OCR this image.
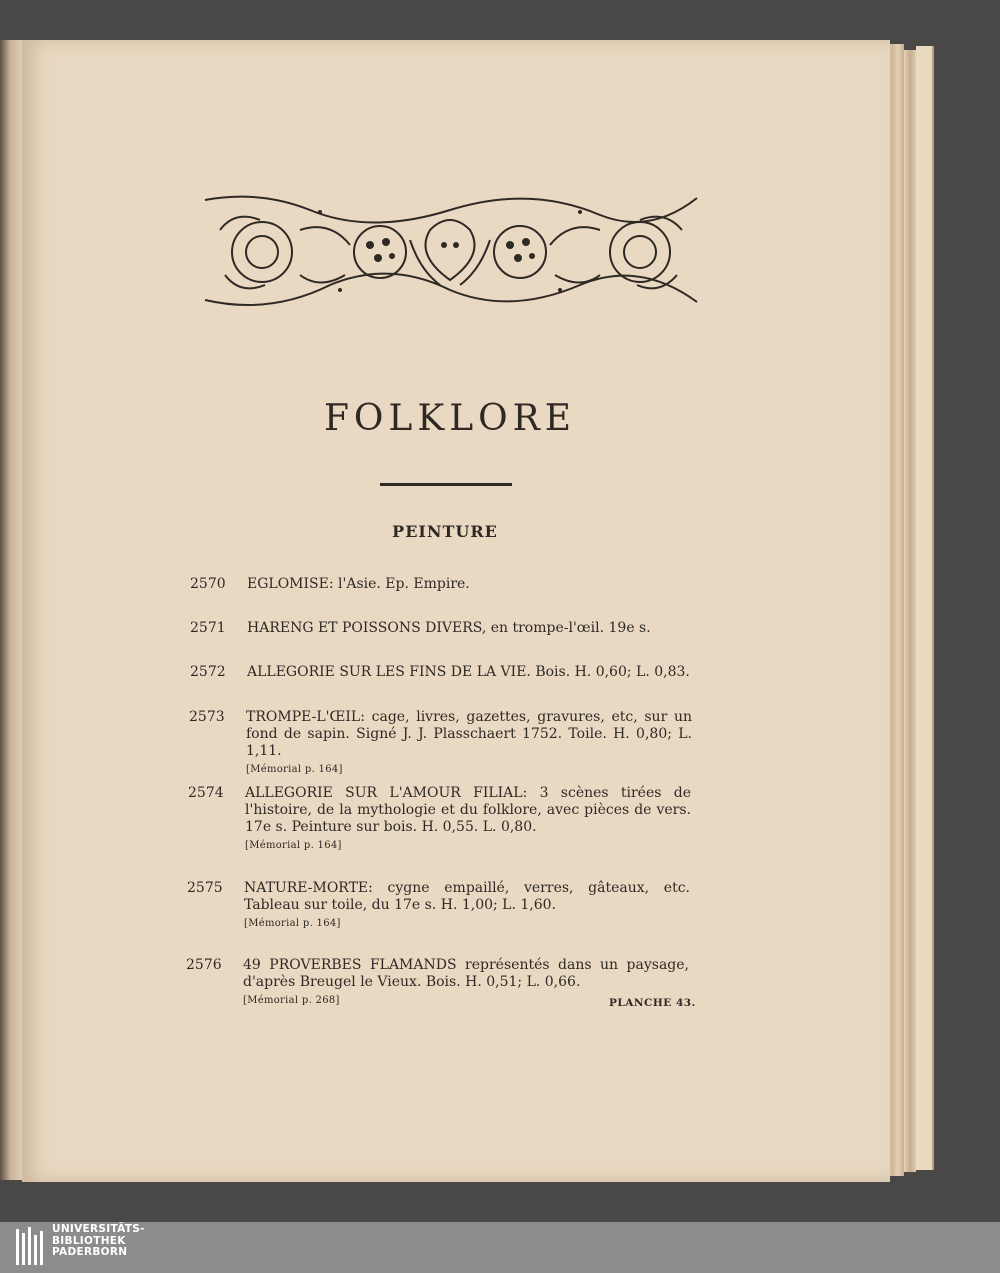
FOLKLORE
PEINTURE
2570	EGLOMISE: l'Asie. Ep. Empire.
2571	HARENG ET POISSONS DIVERS, en trompe-l'œil. 19e s.
2572	ALLEGORIE SUR LES FINS DE LA VIE. Bois. H. 0,60; L. 0,83.
2573	TROMPE-L'ŒIL: cage, livres, gazettes, gravures, etc, sur un fond de sapin. Signé J. J. Plasschaert 1752. Toile. H. 0,80; L. 1,11.
[Mémorial p. 164]
2574	ALLEGORIE SUR L'AMOUR FILIAL: 3 scènes tirées de l'histoire, de la mythologie et du folklore, avec pièces de vers. 17e s. Peinture sur bois. H. 0,55. L. 0,80.
[Mémorial p. 164]
2575	NATURE-MORTE: cygne empaillé, verres, gâteaux, etc. Tableau sur toile, du 17e s. H. 1,00; L. 1,60.
[Mémorial p. 164]
2576	49 PROVERBES FLAMANDS représentés dans un paysage, d'après Breugel le Vieux. Bois. H. 0,51; L. 0,66.
[Mémorial p. 268]	PLANCHE 43.
UNIVERSITÄTS-
BIBLIOTHEK
PADERBORN
